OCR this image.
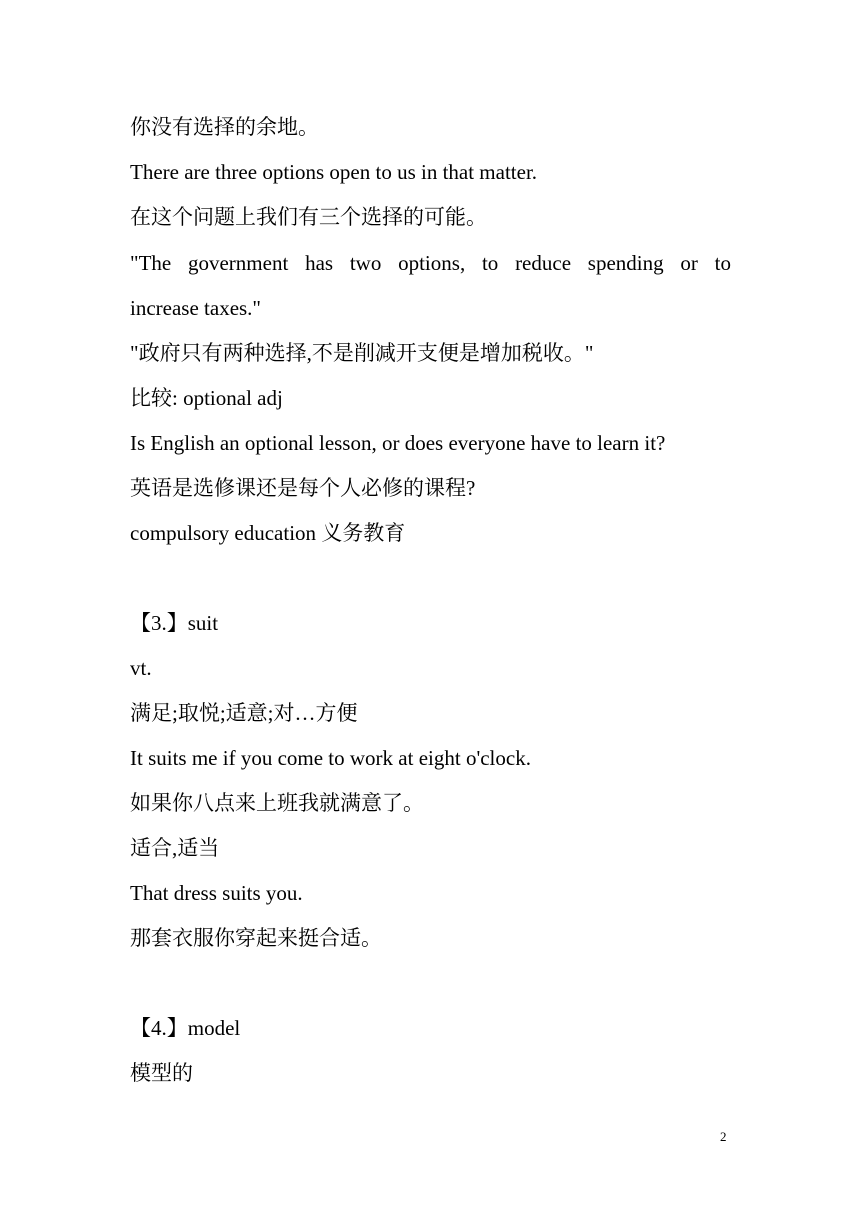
你没有选择的余地。
There are three options open to us in that matter.
在这个问题上我们有三个选择的可能。
"The government has two options, to reduce spending or to
increase taxes."
"政府只有两种选择,不是削减开支便是增加税收。"
比较: optional adj
Is English an optional lesson, or does everyone have to learn it?
英语是选修课还是每个人必修的课程?
compulsory education 义务教育
【3.】suit
vt.
满足;取悦;适意;对…方便
It suits me if you come to work at eight o'clock.
如果你八点来上班我就满意了。
适合,适当
That dress suits you.
那套衣服你穿起来挺合适。
【4.】model
模型的
2
